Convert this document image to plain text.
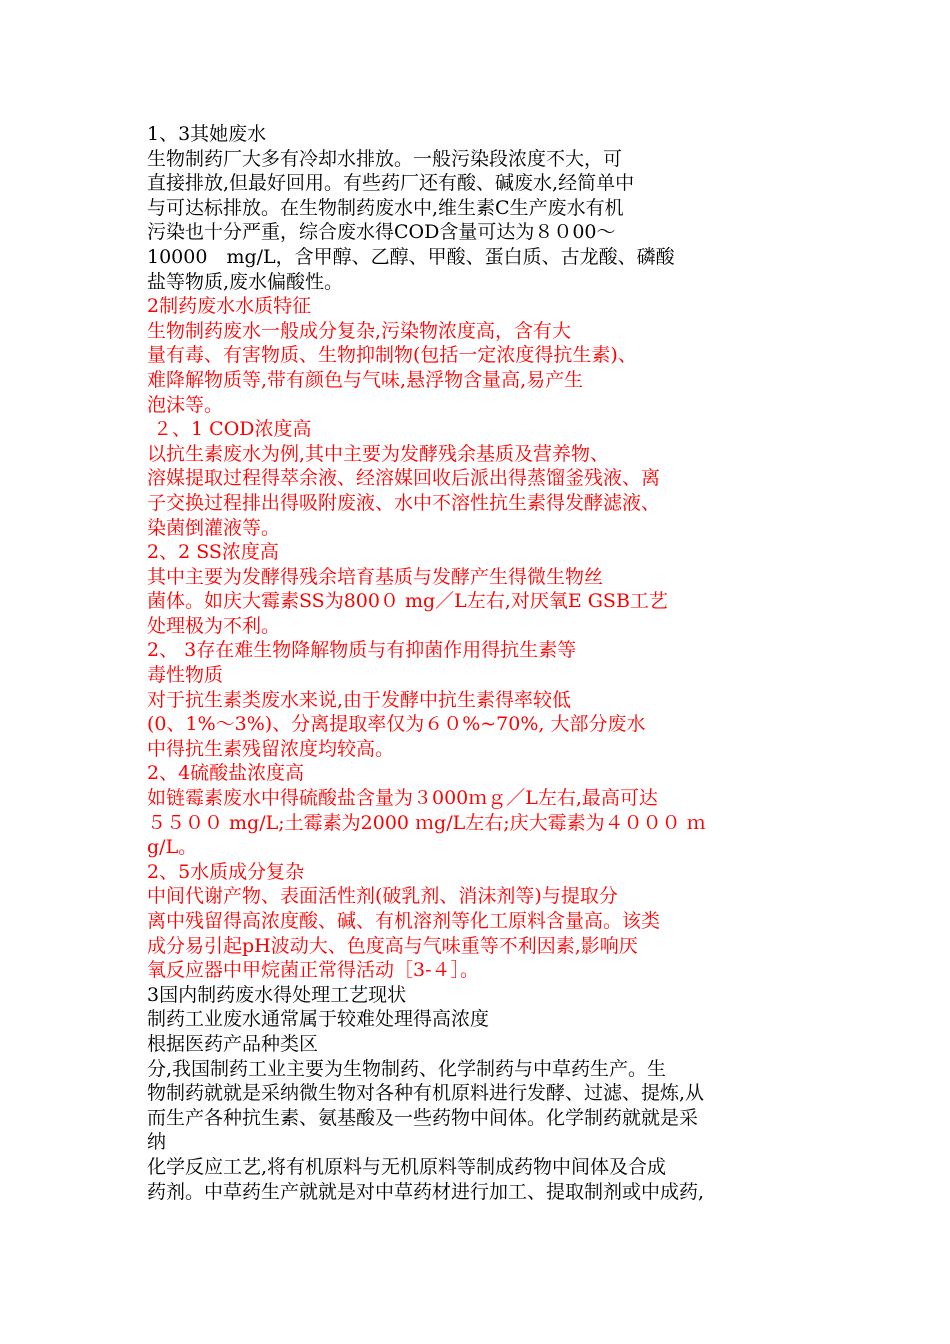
1、3其她废水
生物制药厂大多有冷却水排放。一般污染段浓度不大，可
直接排放,但最好回用。有些药厂还有酸、碱废水,经简单中
与可达标排放。在生物制药废水中,维生素C生产废水有机
污染也十分严重，综合废水得COD含量可达为８０00～
10000　mg/L，含甲醇、乙醇、甲酸、蛋白质、古龙酸、磷酸
盐等物质,废水偏酸性。
2制药废水水质特征
生物制药废水一般成分复杂,污染物浓度高，含有大
量有毒、有害物质、生物抑制物(包括一定浓度得抗生素)、
难降解物质等,带有颜色与气味,悬浮物含量高,易产生
泡沫等。
２、1 COD浓度高
以抗生素废水为例,其中主要为发酵残余基质及营养物、
溶媒提取过程得萃余液、经溶媒回收后派出得蒸馏釜残液、离
子交换过程排出得吸附废液、水中不溶性抗生素得发酵滤液、
染菌倒灌液等。
2、2 SS浓度高
其中主要为发酵得残余培育基质与发酵产生得微生物丝
菌体。如庆大霉素SS为800０ mg／L左右,对厌氧E GSB工艺
处理极为不利。
2、 3存在难生物降解物质与有抑菌作用得抗生素等
毒性物质
对于抗生素类废水来说,由于发酵中抗生素得率较低
(0、1%～3%)、分离提取率仅为６０%~70%, 大部分废水
中得抗生素残留浓度均较高。
2、4硫酸盐浓度高
如链霉素废水中得硫酸盐含量为３000ｍｇ／L左右,最高可达
５５００ mg/L;土霉素为2000 ｍg/L左右;庆大霉素为４０００ ｍ
g/L。
2、5水质成分复杂
中间代谢产物、表面活性剂(破乳剂、消沫剂等)与提取分
离中残留得高浓度酸、碱、有机溶剂等化工原料含量高。该类
成分易引起pH波动大、色度高与气味重等不利因素,影响厌
氧反应器中甲烷菌正常得活动［3-４］。
3国内制药废水得处理工艺现状
制药工业废水通常属于较难处理得高浓度
根据医药产品种类区
分,我国制药工业主要为生物制药、化学制药与中草药生产。生
物制药就就是采纳微生物对各种有机原料进行发酵、过滤、提炼,从
而生产各种抗生素、氨基酸及一些药物中间体。化学制药就就是采
纳
化学反应工艺,将有机原料与无机原料等制成药物中间体及合成
药剂。中草药生产就就是对中草药材进行加工、提取制剂或中成药,
